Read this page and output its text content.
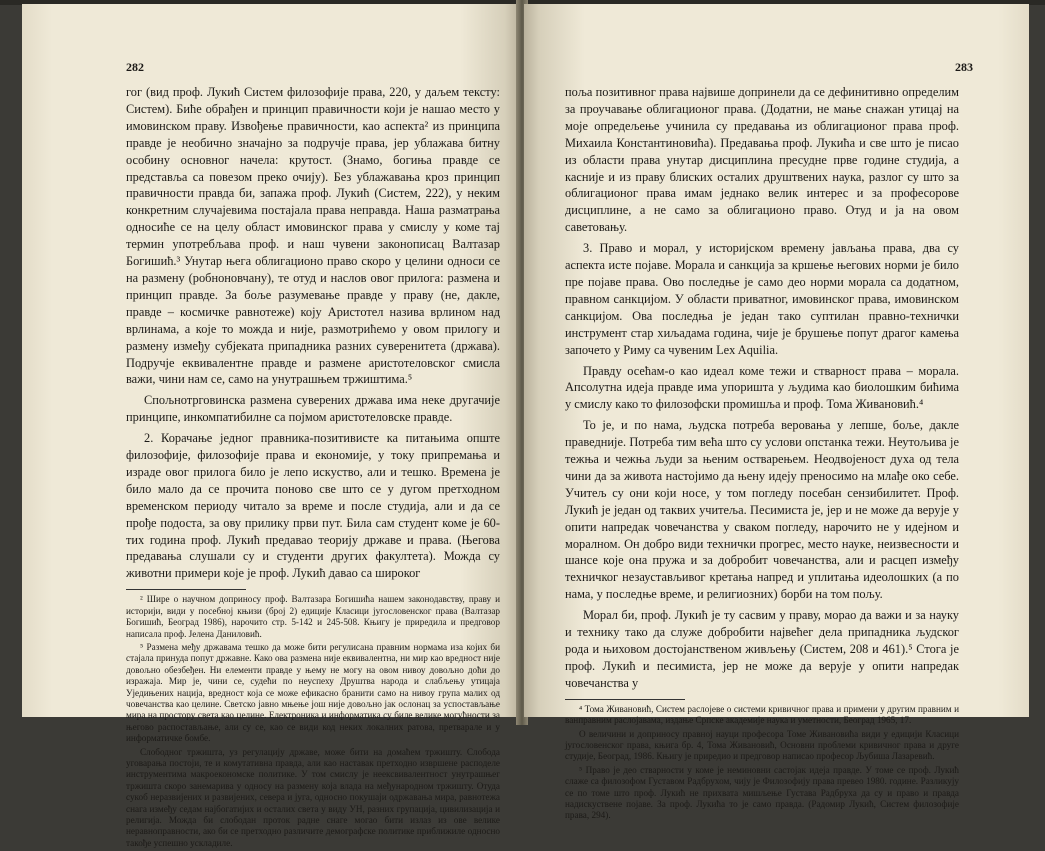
282

гог (вид проф. Лукић Систем филозофије права, 220, у даљем тексту: Систем). Биће обрађен и принцип правичности који је нашао место у имовинском праву. Извођење правичности, као аспекта² из принципа правде је необично значајно за подручје права, јер ублажава битну особину основног начела: крутост. (Знамо, богиња правде се представља са повезом преко очију). Без ублажавања кроз принцип правичности правда би, запажа проф. Лукић (Систем, 222), у неким конкретним случајевима постајала права неправда. Наша разматрања односиће се на целу област имовинског права у смислу у коме тај термин употребљава проф. и наш чувени законописац Валтазар Богишић.³ Унутар њега облигационо право скоро у целини односи се на размену (робноновчану), те отуд и наслов овог прилога: размена и принцип правде. За боље разумевање правде у праву (не, дакле, правде – космичке равнотеже) коју Аристотел назива врлином над врлинама, а које то можда и није, размотрићемо у овом прилогу и размену између субјеката припадника разних суверенитета (држава). Подручје еквивалентне правде и размене аристотеловског смисла важи, чини нам се, само на унутрашњем тржиштима.⁵

Спољнотрговинска размена суверених држава има неке другачије принципе, инкомпатибилне са појмом аристотеловске правде.

2. Корачање једног правника-позитивисте ка питањима опште филозофије, филозофије права и економије, у току припремања и израде овог прилога било је лепо искуство, али и тешко. Времена је било мало да се прочита поново све што се у дугом претходном временском периоду читало за време и после студија, али и да се прође подоста, за ову прилику први пут. Била сам студент коме је 60-тих година проф. Лукић предавао теорију државе и права. (Његова предавања слушали су и студенти других факултета). Можда су животни примери које је проф. Лукић давао са широког

² Шире о научном доприносу проф. Валтазара Богишића нашем законодавству, праву и историји, види у посебној књизи (број 2) едиције Класици југословенског права (Валтазар Богишић, Београд 1986), нарочито стр. 5-142 и 245-508. Књигу је приредила и предговор написала проф. Јелена Даниловић.

⁵ Размена међу државама тешко да може бити регулисана правним нормама иза којих би стајала принуда попут државне. Како ова размена није еквивалентна, ни мир као вредност није довољно обезбеђен. Ни елементи правде у њему не могу на овом нивоу довољно доћи до изражаја. Мир је, чини се, судећи по неуспеху Друштва народа и слабљењу утицаја Уједињених нација, вредност која се може ефикасно бранити само на нивоу група малих од човечанства као целине. Светско јавно мњење још није довољно јак ослонац за успостављање мира на простору света као целине. Електроника и информатика су биле велике могућности за његово распостављање, али су се, као се види код неких локалних ратова, претварале и у информатичке бомбе.

Слободног тржишта, уз регулацију државе, може бити на домаћем тржишту. Слобода уговарања постоји, те и комутативна правда, али као наставак претходно извршене расподеле инструментима макроекономске политике. У том смислу је неексвивалентност унутрашњег тржишта скоро занемарива у односу на размену која влада на међународном тржишту. Отуда сукоб неразвијених и развијених, севера и југа, односно покушаји одржавања мира, равнотежа снага између седам најбогатијих и осталих света у виду УН, разних групација, цивилизација и религија. Можда би слободан проток радне снаге могао бити излаз из ове велике неравноправности, ако би се претходно различите демографске политике приближиле односно такође успешно ускладиле.

283

поља позитивног права највише допринели да се дефинитивно определим за проучавање облигационог права. (Додатни, не мање снажан утицај на моје опредељење учинила су предавања из облигационог права проф. Михаила Константиновића). Предавања проф. Лукића и све што је писао из области права унутар дисциплина пресудне прве године студија, а касније и из праву блиских осталих друштвених наука, разлог су што за облигационог права имам једнако велик интерес и за професорове дисциплине, а не само за облигационо право. Отуд и ја на овом саветовању.

3. Право и морал, у историјском времену јављања права, два су аспекта исте појаве. Морала и санкција за кршење његових норми је било пре појаве права. Ово последње је само део норми морала са додатном, правном санкцијом. У области приватног, имовинског права, имовинском санкцијом. Ова последња је један тако суптилан правно-технички инструмент стар хиљадама година, чије је брушење попут драгог камења започето у Риму са чувеним Lex Aquilia.

Правду осећам-о као идеал коме тежи и стварност права – морала. Апсолутна идеја правде има упоришта у људима као биолошким бићима у смислу како то филозофски промишља и проф. Тома Живановић.⁴

То је, и по нама, људска потреба веровања у лепше, боље, дакле праведније. Потреба тим већа што су услови опстанка тежи. Неутољива је тежња и чежња људи за њеним остварењем. Неодвојеност духа од тела чини да за живота настојимо да њену идеју преносимо на млађе око себе. Учитељ су они који носе, у том погледу посебан сензибилитет. Проф. Лукић је један од таквих учитеља. Песимиста је, јер и не може да верује у опити напредак човечанства у сваком погледу, нарочито не у идејном и моралном. Он добро види технички прогрес, место науке, неизвесности и шансе које она пружа и за добробит човечанства, али и расцеп између техничког незаустављивог кретања напред и уплитања идеолошких (а по нама, у последње време, и религиозних) борби на том пољу.

Морал би, проф. Лукић је ту сасвим у праву, морао да важи и за науку и технику тако да служе добробити највећег дела припадника људског рода и њиховом достојанственом живљењу (Систем, 208 и 461).⁵ Стога је проф. Лукић и песимиста, јер не може да верује у опити напредак човечанства у

⁴ Тома Живановић, Систем раслојеве о системи кривичног права и примени у другим правним и ванправним раслојавама, издање Српске академије наука и уметности, Београд 1965, 17.

О величини и доприносу правној науци професора Томе Живановића види у едицији Класици југословенског права, књига бр. 4, Тома Живановић, Основни проблеми кривичног права и друге студије, Београд, 1986. Књигу је приредио и предговор написао професор Љубиша Лазаревић.

⁵ Право је део стварности у коме је неминовни састојак идеја правде. У томе се проф. Лукић слаже са филозофом Густавом Радбрухом, чију је Филозофију права превео 1980. године. Разликују се по томе што проф. Лукић не прихвата мишљење Густава Радбруха да су и право и правда надискуствене појаве. За проф. Лукића то је само правда. (Радомир Лукић, Систем филозофије права, 294).
